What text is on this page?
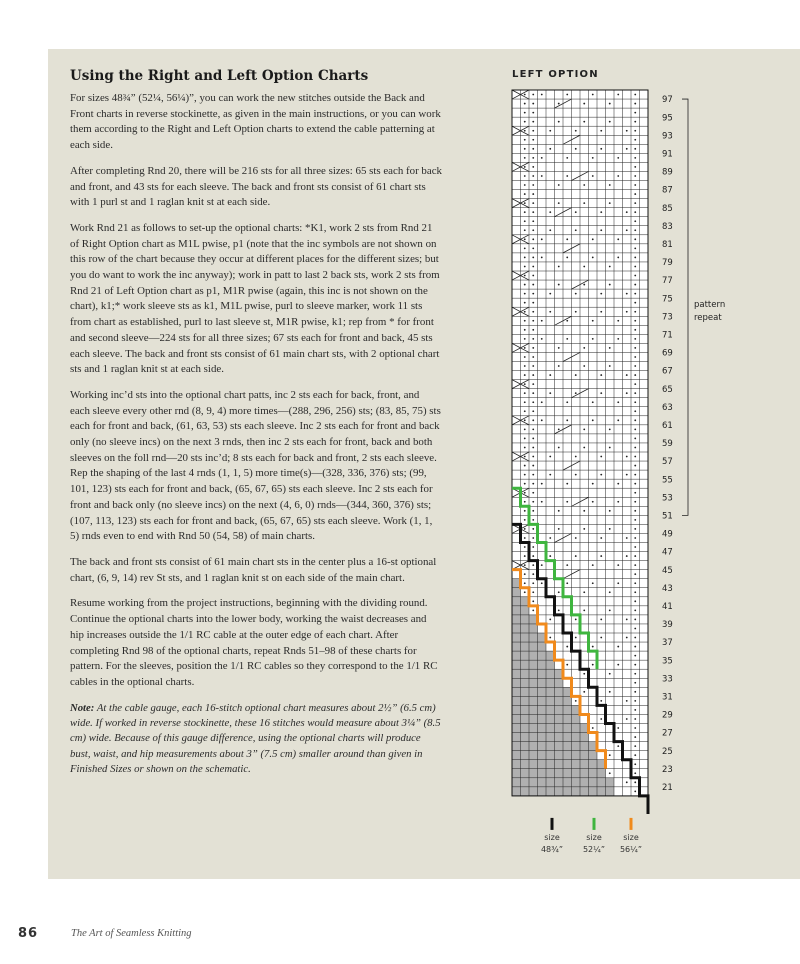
Using the Right and Left Option Charts

For sizes 48¾” (52¼, 56¼)”, you can work the new stitches outside the Back and Front charts in reverse stockinette, as given in the main instructions, or you can work them according to the Right and Left Option charts to extend the cable patterning at each side.

After completing Rnd 20, there will be 216 sts for all three sizes: 65 sts each for back and front, and 43 sts for each sleeve. The back and front sts consist of 61 chart sts with 1 purl st and 1 raglan knit st at each side.

Work Rnd 21 as follows to set-up the optional charts: *K1, work 2 sts from Rnd 21 of Right Option chart as M1L pwise, p1 (note that the inc symbols are not shown on this row of the chart because they occur at different places for the different sizes; but you do want to work the inc anyway); work in patt to last 2 back sts, work 2 sts from Rnd 21 of Left Option chart as p1, M1R pwise (again, this inc is not shown on the chart), k1;* work sleeve sts as k1, M1L pwise, purl to sleeve marker, work 11 sts from chart as established, purl to last sleeve st, M1R pwise, k1; rep from * for front and second sleeve—224 sts for all three sizes; 67 sts each for front and back, 45 sts each sleeve. The back and front sts consist of 61 main chart sts, with 2 optional chart sts and 1 raglan knit st at each side.

Working inc’d sts into the optional chart patts, inc 2 sts each for back, front, and each sleeve every other rnd (8, 9, 4) more times—(288, 296, 256) sts; (83, 85, 75) sts each for front and back, (61, 63, 53) sts each sleeve. Inc 2 sts each for front and back only (no sleeve incs) on the next 3 rnds, then inc 2 sts each for front, back and both sleeves on the foll rnd—20 sts inc’d; 8 sts each for back and front, 2 sts each sleeve. Rep the shaping of the last 4 rnds (1, 1, 5) more time(s)—(328, 336, 376) sts; (99, 101, 123) sts each for front and back, (65, 67, 65) sts each sleeve. Inc 2 sts each for front and back only (no sleeve incs) on the next (4, 6, 0) rnds—(344, 360, 376) sts; (107, 113, 123) sts each for front and back, (65, 67, 65) sts each sleeve. Work (1, 1, 5) rnds even to end with Rnd 50 (54, 58) of main charts.

The back and front sts consist of 61 main chart sts in the center plus a 16-st optional chart, (6, 9, 14) rev St sts, and 1 raglan knit st on each side of the main chart.

Resume working from the project instructions, beginning with the dividing round. Continue the optional charts into the lower body, working the waist decreases and hip increases outside the 1/1 RC cable at the outer edge of each chart. After completing Rnd 98 of the optional charts, repeat Rnds 51–98 of these charts for pattern. For the sleeves, position the 1/1 RC cables so they correspond to the 1/1 RC cables in the optional charts.

Note: At the cable gauge, each 16-stitch optional chart measures about 2½” (6.5 cm) wide. If worked in reverse stockinette, these 16 stitches would measure about 3¼” (8.5 cm) wide. Because of this gauge difference, using the optional charts will produce bust, waist, and hip measurements about 3” (7.5 cm) smaller around than given in Finished Sizes or shown on the schematic.

LEFT OPTION
97
95
93
91
89
87
85
83
81
79
77
75
73
71
69
67
65
63
61
59
57
55
53
51
49
47
45
43
41
39
37
35
33
31
29
27
25
23
21
pattern
repeat
size
48¾”
size
52¼”
size
56¼”
86	The Art of Seamless Knitting
